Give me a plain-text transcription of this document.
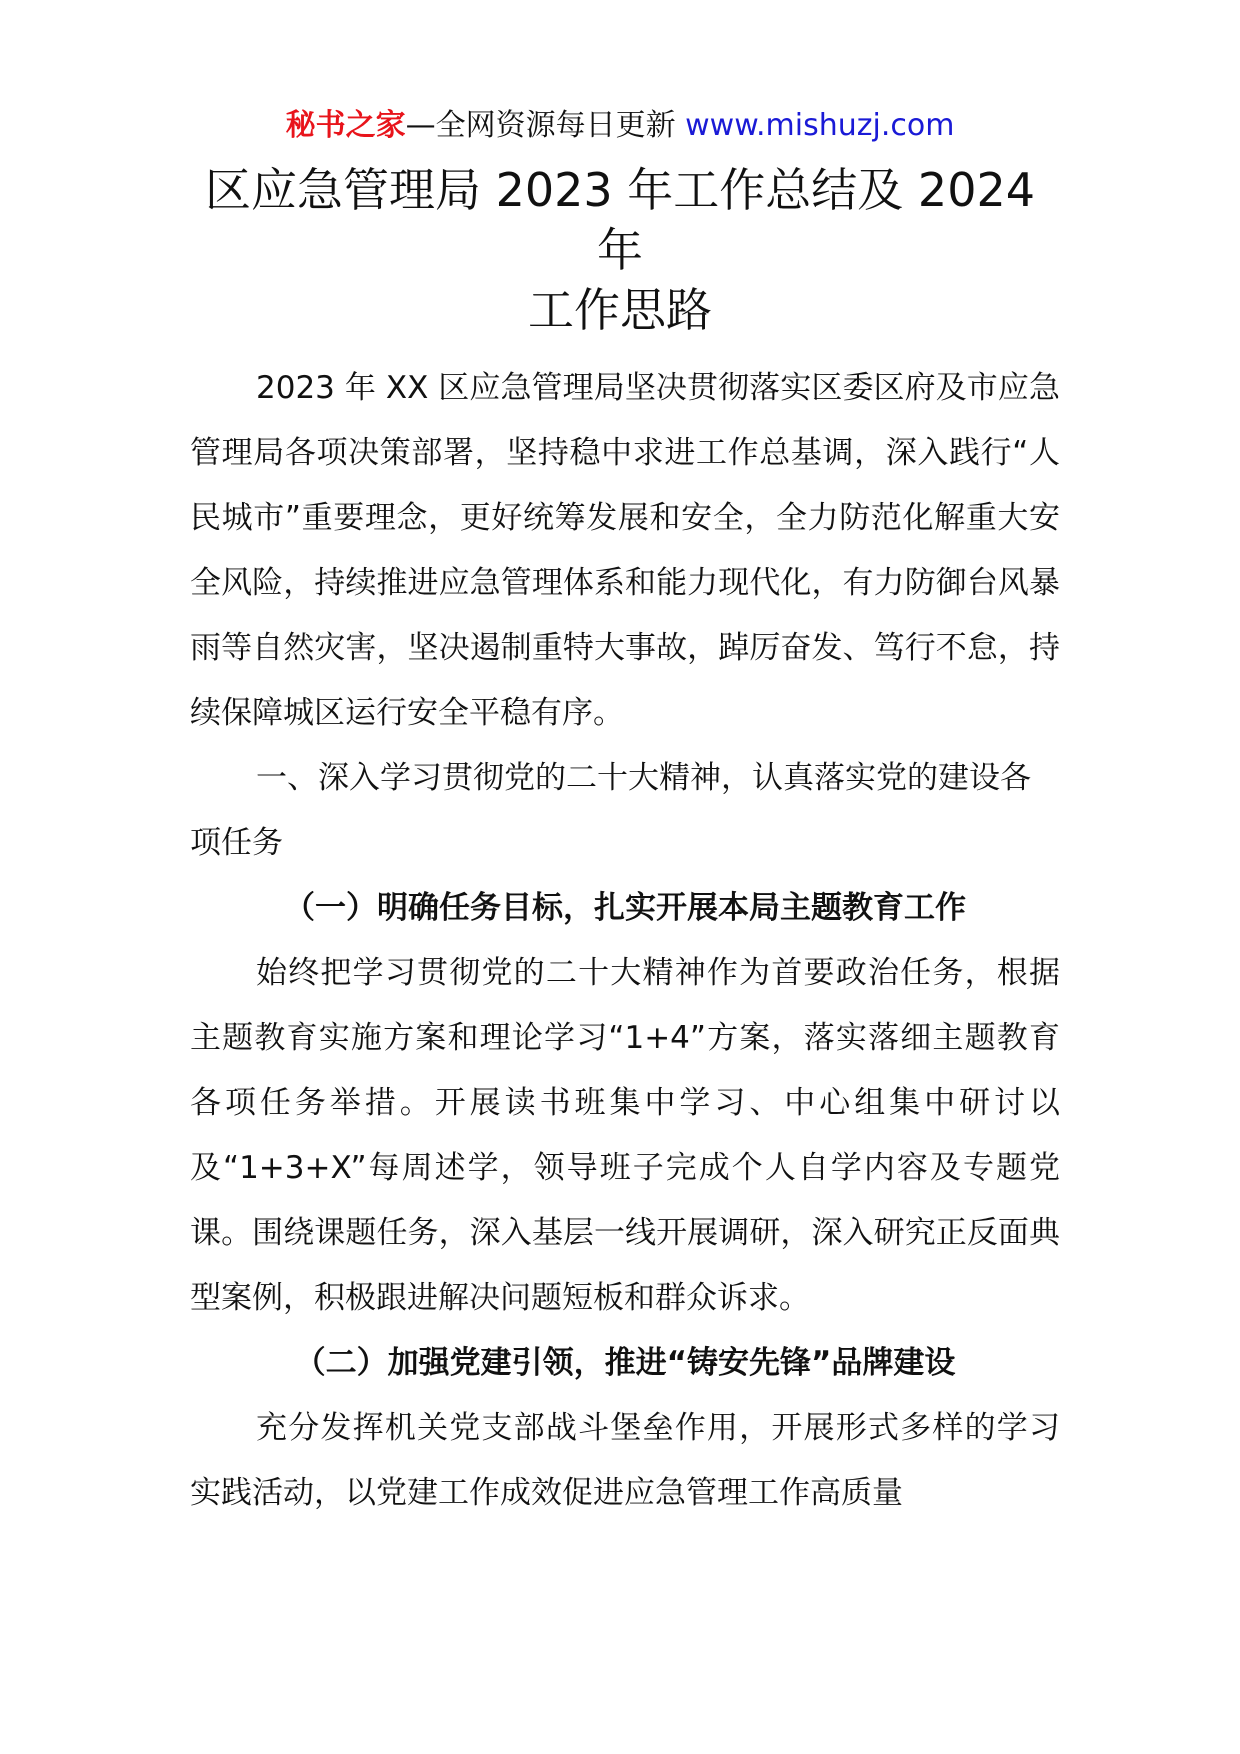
秘书之家—全网资源每日更新 www.mishuzj.com
区应急管理局 2023 年工作总结及 2024
年
工作思路

2023 年 XX 区应急管理局坚决贯彻落实区委区府及市应急管理局各项决策部署，坚持稳中求进工作总基调，深入践行“人民城市”重要理念，更好统筹发展和安全，全力防范化解重大安全风险，持续推进应急管理体系和能力现代化，有力防御台风暴雨等自然灾害，坚决遏制重特大事故，踔厉奋发、笃行不怠，持续保障城区运行安全平稳有序。

一、深入学习贯彻党的二十大精神，认真落实党的建设各项任务

（一）明确任务目标，扎实开展本局主题教育工作

始终把学习贯彻党的二十大精神作为首要政治任务，根据主题教育实施方案和理论学习“1+4”方案，落实落细主题教育各项任务举措。开展读书班集中学习、中心组集中研讨以及“1+3+X”每周述学，领导班子完成个人自学内容及专题党课。围绕课题任务，深入基层一线开展调研，深入研究正反面典型案例，积极跟进解决问题短板和群众诉求。

（二）加强党建引领，推进“铸安先锋”品牌建设

充分发挥机关党支部战斗堡垒作用，开展形式多样的学习实践活动，以党建工作成效促进应急管理工作高质量
